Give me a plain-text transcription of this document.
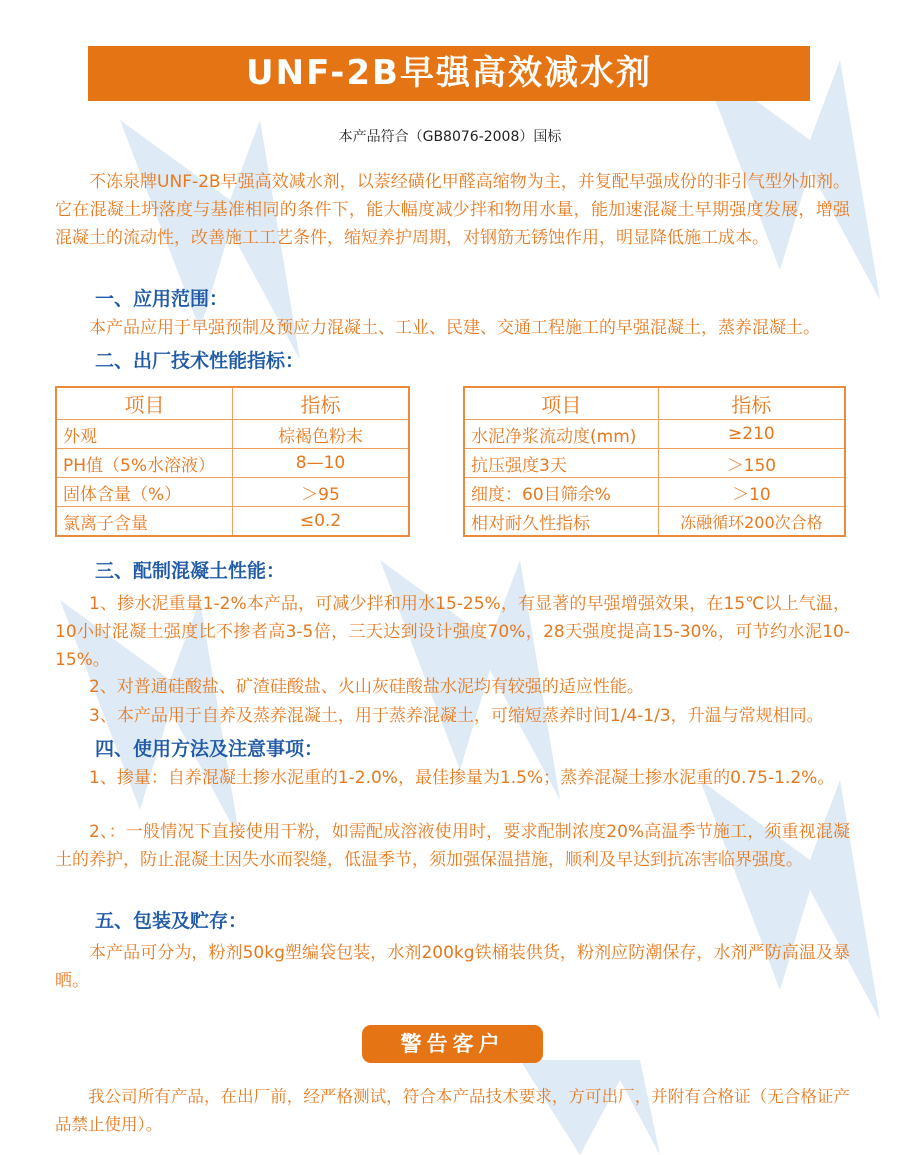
UNF-2B早强高效减水剂
本产品符合（GB8076-2008）国标
不冻泉牌UNF-2B早强高效减水剂，以萘经磺化甲醛高缩物为主，并复配早强成份的非引气型外加剂。它在混凝土坍落度与基准相同的条件下，能大幅度减少拌和物用水量，能加速混凝土早期强度发展，增强混凝土的流动性，改善施工工艺条件，缩短养护周期，对钢筋无锈蚀作用，明显降低施工成本。
一、应用范围：
本产品应用于早强预制及预应力混凝土、工业、民建、交通工程施工的早强混凝土，蒸养混凝土。
二、出厂技术性能指标：
项目	指标
外观	棕褐色粉末
PH值（5%水溶液）	8—10
固体含量（%）	＞95
氯离子含量	≤0.2
项目	指标
水泥净浆流动度(mm)	≥210
抗压强度3天	＞150
细度：60目筛余%	＞10
相对耐久性指标	冻融循环200次合格
三、配制混凝土性能：
1、掺水泥重量1-2%本产品，可减少拌和用水15-25%，有显著的早强增强效果，在15℃以上气温，10小时混凝土强度比不掺者高3-5倍，三天达到设计强度70%，28天强度提高15-30%，可节约水泥10-15%。
2、对普通硅酸盐、矿渣硅酸盐、火山灰硅酸盐水泥均有较强的适应性能。
3、本产品用于自养及蒸养混凝土，用于蒸养混凝土，可缩短蒸养时间1/4-1/3，升温与常规相同。
四、使用方法及注意事项：
1、掺量：自养混凝土掺水泥重的1-2.0%，最佳掺量为1.5%；蒸养混凝土掺水泥重的0.75-1.2%。
2、：一般情况下直接使用干粉，如需配成溶液使用时，要求配制浓度20%高温季节施工，须重视混凝土的养护，防止混凝土因失水而裂缝，低温季节，须加强保温措施，顺利及早达到抗冻害临界强度。
五、包装及贮存：
本产品可分为，粉剂50kg塑编袋包装，水剂200kg铁桶装供货，粉剂应防潮保存，水剂严防高温及暴晒。
警告客户
我公司所有产品，在出厂前，经严格测试，符合本产品技术要求，方可出厂，并附有合格证（无合格证产品禁止使用）。
